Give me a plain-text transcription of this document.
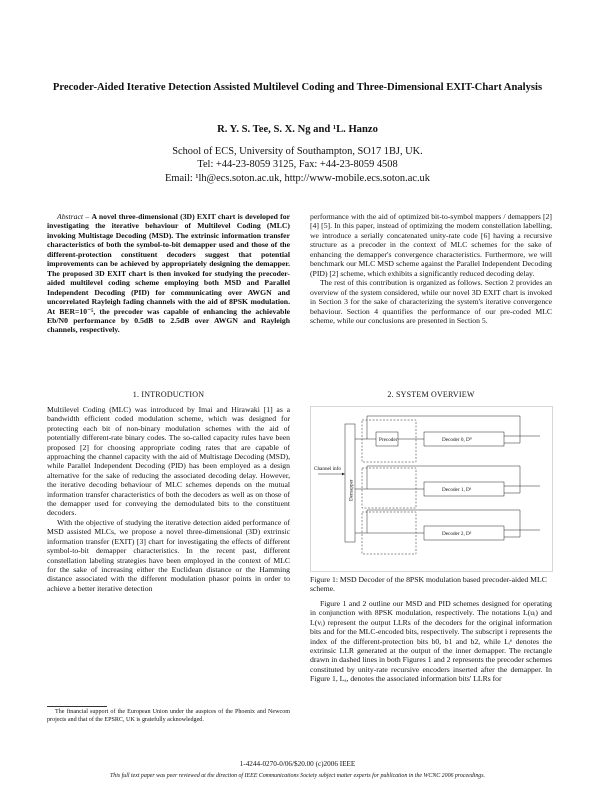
Precoder-Aided Iterative Detection Assisted Multilevel Coding and Three-Dimensional EXIT-Chart Analysis
R. Y. S. Tee, S. X. Ng and ¹L. Hanzo
School of ECS, University of Southampton, SO17 1BJ, UK.
Tel: +44-23-8059 3125, Fax: +44-23-8059 4508
Email: ¹lh@ecs.soton.ac.uk, http://www-mobile.ecs.soton.ac.uk

Abstract – A novel three-dimensional (3D) EXIT chart is developed for investigating the iterative behaviour of Multilevel Coding (MLC) invoking Multistage Decoding (MSD). The extrinsic information transfer characteristics of both the symbol-to-bit demapper used and those of the different-protection constituent decoders suggest that potential improvements can be achieved by appropriately designing the demapper. The proposed 3D EXIT chart is then invoked for studying the precoder-aided multilevel coding scheme employing both MSD and Parallel Independent Decoding (PID) for communicating over AWGN and uncorrelated Rayleigh fading channels with the aid of 8PSK modulation. At BER=10⁻⁵, the precoder was capable of enhancing the achievable Eb/N0 performance by 0.5dB to 2.5dB over AWGN and Rayleigh channels, respectively.

performance with the aid of optimized bit-to-symbol mappers / demappers [2] [4] [5]. In this paper, instead of optimizing the modem constellation labelling, we introduce a serially concatenated unity-rate code [6] having a recursive structure as a precoder in the context of MLC schemes for the sake of enhancing the demapper's convergence characteristics. Furthermore, we will benchmark our MLC MSD scheme against the Parallel Independent Decoding (PID) [2] scheme, which exhibits a significantly reduced decoding delay.

The rest of this contribution is organized as follows. Section 2 provides an overview of the system considered, while our novel 3D EXIT chart is invoked in Section 3 for the sake of characterizing the system's iterative convergence behaviour. Section 4 quantifies the performance of our pre-coded MLC scheme, while our conclusions are presented in Section 5.

1. INTRODUCTION	2. SYSTEM OVERVIEW

Multilevel Coding (MLC) was introduced by Imai and Hirawaki [1] as a bandwidth efficient coded modulation scheme, which was designed for protecting each bit of non-binary modulation schemes with the aid of potentially different-rate binary codes. The so-called capacity rules have been proposed [2] for choosing appropriate coding rates that are capable of approaching the channel capacity with the aid of Multistage Decoding (MSD), while Parallel Independent Decoding (PID) has been employed as a design alternative for the sake of reducing the associated decoding delay. However, the iterative decoding behaviour of MLC schemes depends on the mutual information transfer characteristics of both the decoders as well as on those of the demapper used for conveying the demodulated bits to the constituent decoders.

With the objective of studying the iterative detection aided performance of MSD assisted MLCs, we propose a novel three-dimensional (3D) extrinsic information transfer (EXIT) [3] chart for investigating the effects of different symbol-to-bit demapper characteristics. In the recent past, different constellation labeling strategies have been employed in the context of MLC for the sake of increasing either the Euclidean distance or the Hamming distance associated with the different modulation phasor points in order to achieve a better iterative detection

The financial support of the European Union under the auspices of the Phoenix and Newcom projects and that of the EPSRC, UK is gratefully acknowledged.
Channel info
Demapper
Precoder	Decoder 0, D⁰
Decoder 1, D¹
Decoder 2, D²
Figure 1: MSD Decoder of the 8PSK modulation based precoder-aided MLC scheme.

Figure 1 and 2 outline our MSD and PID schemes designed for operating in conjunction with 8PSK modulation, respectively. The notations L(uᵢ) and L(vᵢ) represent the output LLRs of the decoders for the original information bits and for the MLC-encoded bits, respectively. The subscript i represents the index of the different-protection bits b0, b1 and b2, while Lᵢᵉ denotes the extrinsic LLR generated at the output of the inner demapper. The rectangle drawn in dashed lines in both Figures 1 and 2 represents the precoder schemes constituted by unity-rate recursive encoders inserted after the demapper. In Figure 1, Lₐ, denotes the associated information bits' LLRs for

1-4244-0270-0/06/$20.00 (c)2006 IEEE
This full text paper was peer reviewed at the direction of IEEE Communications Society subject matter experts for publication in the WCNC 2006 proceedings.
